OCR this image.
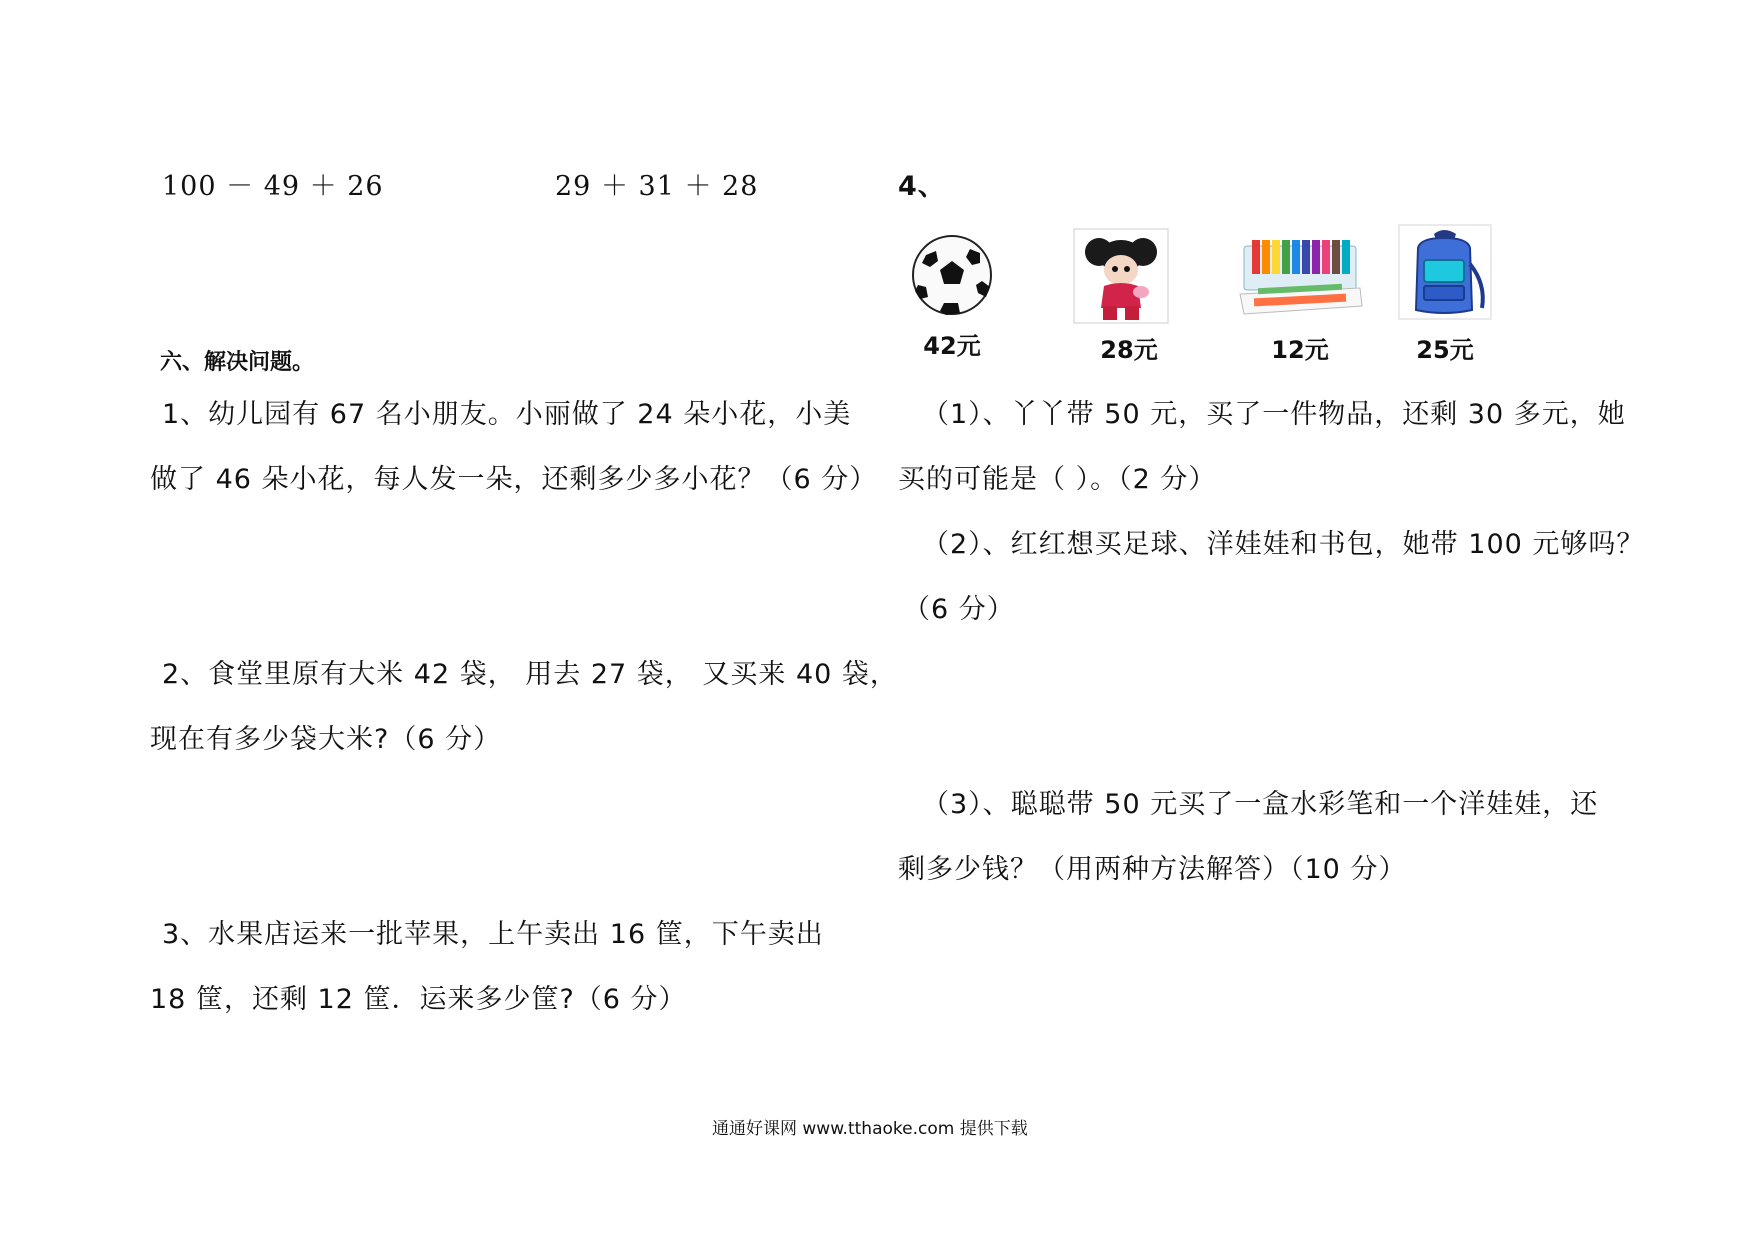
100 － 49 ＋ 26	29 ＋ 31 ＋ 28
六、解决问题。
1、幼儿园有 67 名小朋友。小丽做了 24 朵小花，小美
做了 46 朵小花，每人发一朵，还剩多少多小花？（6 分）
2、食堂里原有大米 42 袋， 用去 27 袋， 又买来 40 袋，
现在有多少袋大米?（6 分）
3、水果店运来一批苹果，上午卖出 16 筐，下午卖出
18 筐，还剩 12 筐．运来多少筐?（6 分）
4、
42元	28元	12元	25元
（1）、丫丫带 50 元，买了一件物品，还剩 30 多元，她
买的可能是（ ）。（2 分）
（2）、红红想买足球、洋娃娃和书包，她带 100 元够吗？
（6 分）
（3）、聪聪带 50 元买了一盒水彩笔和一个洋娃娃，还
剩多少钱？（用两种方法解答）（10 分）
通通好课网 www.tthaoke.com 提供下载
